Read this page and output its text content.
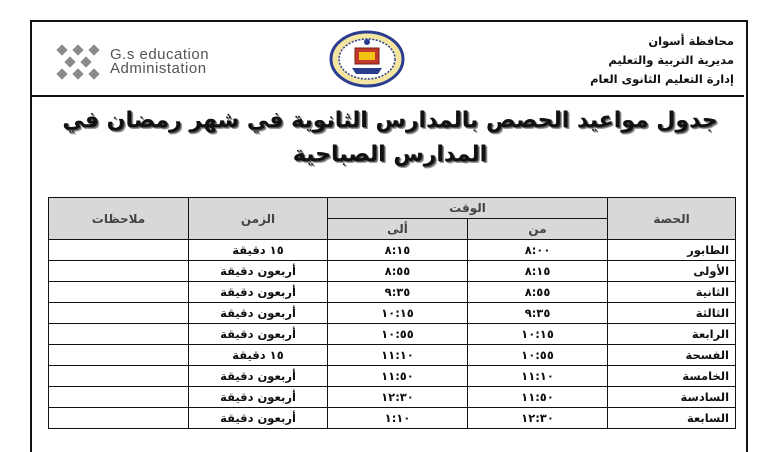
G.s education
Administation
محافظة أسوان
مديرية التربية والتعليم
إدارة التعليم الثانوى العام
جدول مواعيد الحصص بالمدارس الثانوية في شهر رمضان في
المدارس الصباحية
الحصة	الوقت		الزمن	ملاحظات
	من	ألى		
الطابور	٨:٠٠	٨:١٥	١٥ دقيقة	
الأولى	٨:١٥	٨:٥٥	أربعون دقيقة	
الثانية	٨:٥٥	٩:٣٥	أربعون دقيقة	
الثالثة	٩:٣٥	١٠:١٥	أربعون دقيقة	
الرابعة	١٠:١٥	١٠:٥٥	أربعون دقيقة	
الفسحة	١٠:٥٥	١١:١٠	١٥ دقيقة	
الخامسة	١١:١٠	١١:٥٠	أربعون دقيقة	
السادسة	١١:٥٠	١٢:٣٠	أربعون دقيقة	
السابعة	١٢:٣٠	١:١٠	أربعون دقيقة	
